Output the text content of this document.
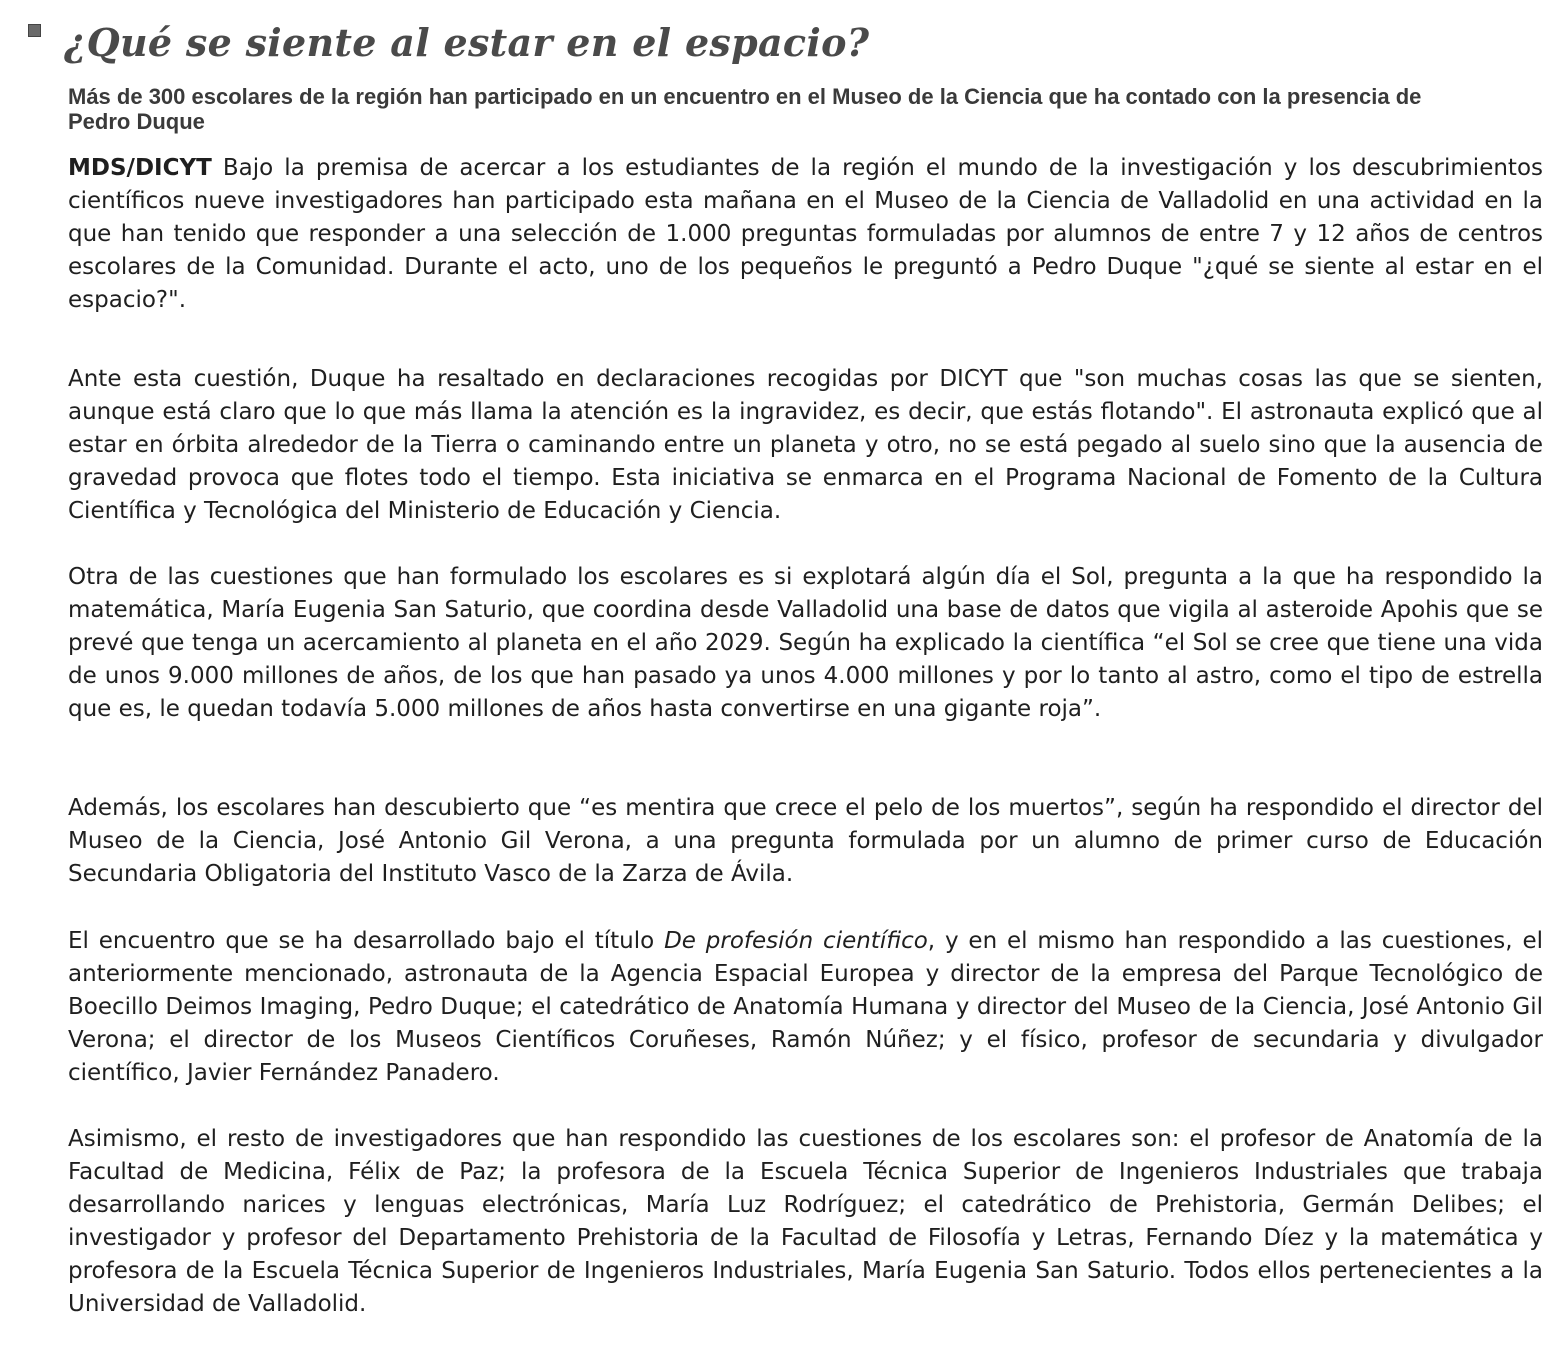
¿Qué se siente al estar en el espacio?
Más de 300 escolares de la región han participado en un encuentro en el Museo de la Ciencia que ha contado con la presencia de Pedro Duque

MDS/DICYT Bajo la premisa de acercar a los estudiantes de la región el mundo de la investigación y los descubrimientos científicos nueve investigadores han participado esta mañana en el Museo de la Ciencia de Valladolid en una actividad en la que han tenido que responder a una selección de 1.000 preguntas formuladas por alumnos de entre 7 y 12 años de centros escolares de la Comunidad. Durante el acto, uno de los pequeños le preguntó a Pedro Duque "¿qué se siente al estar en el espacio?".

Ante esta cuestión, Duque ha resaltado en declaraciones recogidas por DICYT que "son muchas cosas las que se sienten, aunque está claro que lo que más llama la atención es la ingravidez, es decir, que estás flotando". El astronauta explicó que al estar en órbita alrededor de la Tierra o caminando entre un planeta y otro, no se está pegado al suelo sino que la ausencia de gravedad provoca que flotes todo el tiempo. Esta iniciativa se enmarca en el Programa Nacional de Fomento de la Cultura Científica y Tecnológica del Ministerio de Educación y Ciencia.

Otra de las cuestiones que han formulado los escolares es si explotará algún día el Sol, pregunta a la que ha respondido la matemática, María Eugenia San Saturio, que coordina desde Valladolid una base de datos que vigila al asteroide Apohis que se prevé que tenga un acercamiento al planeta en el año 2029. Según ha explicado la científica “el Sol se cree que tiene una vida de unos 9.000 millones de años, de los que han pasado ya unos 4.000 millones y por lo tanto al astro, como el tipo de estrella que es, le quedan todavía 5.000 millones de años hasta convertirse en una gigante roja”.

Además, los escolares han descubierto que “es mentira que crece el pelo de los muertos”, según ha respondido el director del Museo de la Ciencia, José Antonio Gil Verona, a una pregunta formulada por un alumno de primer curso de Educación Secundaria Obligatoria del Instituto Vasco de la Zarza de Ávila.

El encuentro que se ha desarrollado bajo el título De profesión científico, y en el mismo han respondido a las cuestiones, el anteriormente mencionado, astronauta de la Agencia Espacial Europea y director de la empresa del Parque Tecnológico de Boecillo Deimos Imaging, Pedro Duque; el catedrático de Anatomía Humana y director del Museo de la Ciencia, José Antonio Gil Verona; el director de los Museos Científicos Coruñeses, Ramón Núñez; y el físico, profesor de secundaria y divulgador científico, Javier Fernández Panadero.

Asimismo, el resto de investigadores que han respondido las cuestiones de los escolares son: el profesor de Anatomía de la Facultad de Medicina, Félix de Paz; la profesora de la Escuela Técnica Superior de Ingenieros Industriales que trabaja desarrollando narices y lenguas electrónicas, María Luz Rodríguez; el catedrático de Prehistoria, Germán Delibes; el investigador y profesor del Departamento Prehistoria de la Facultad de Filosofía y Letras, Fernando Díez y la matemática y profesora de la Escuela Técnica Superior de Ingenieros Industriales, María Eugenia San Saturio. Todos ellos pertenecientes a la Universidad de Valladolid.
